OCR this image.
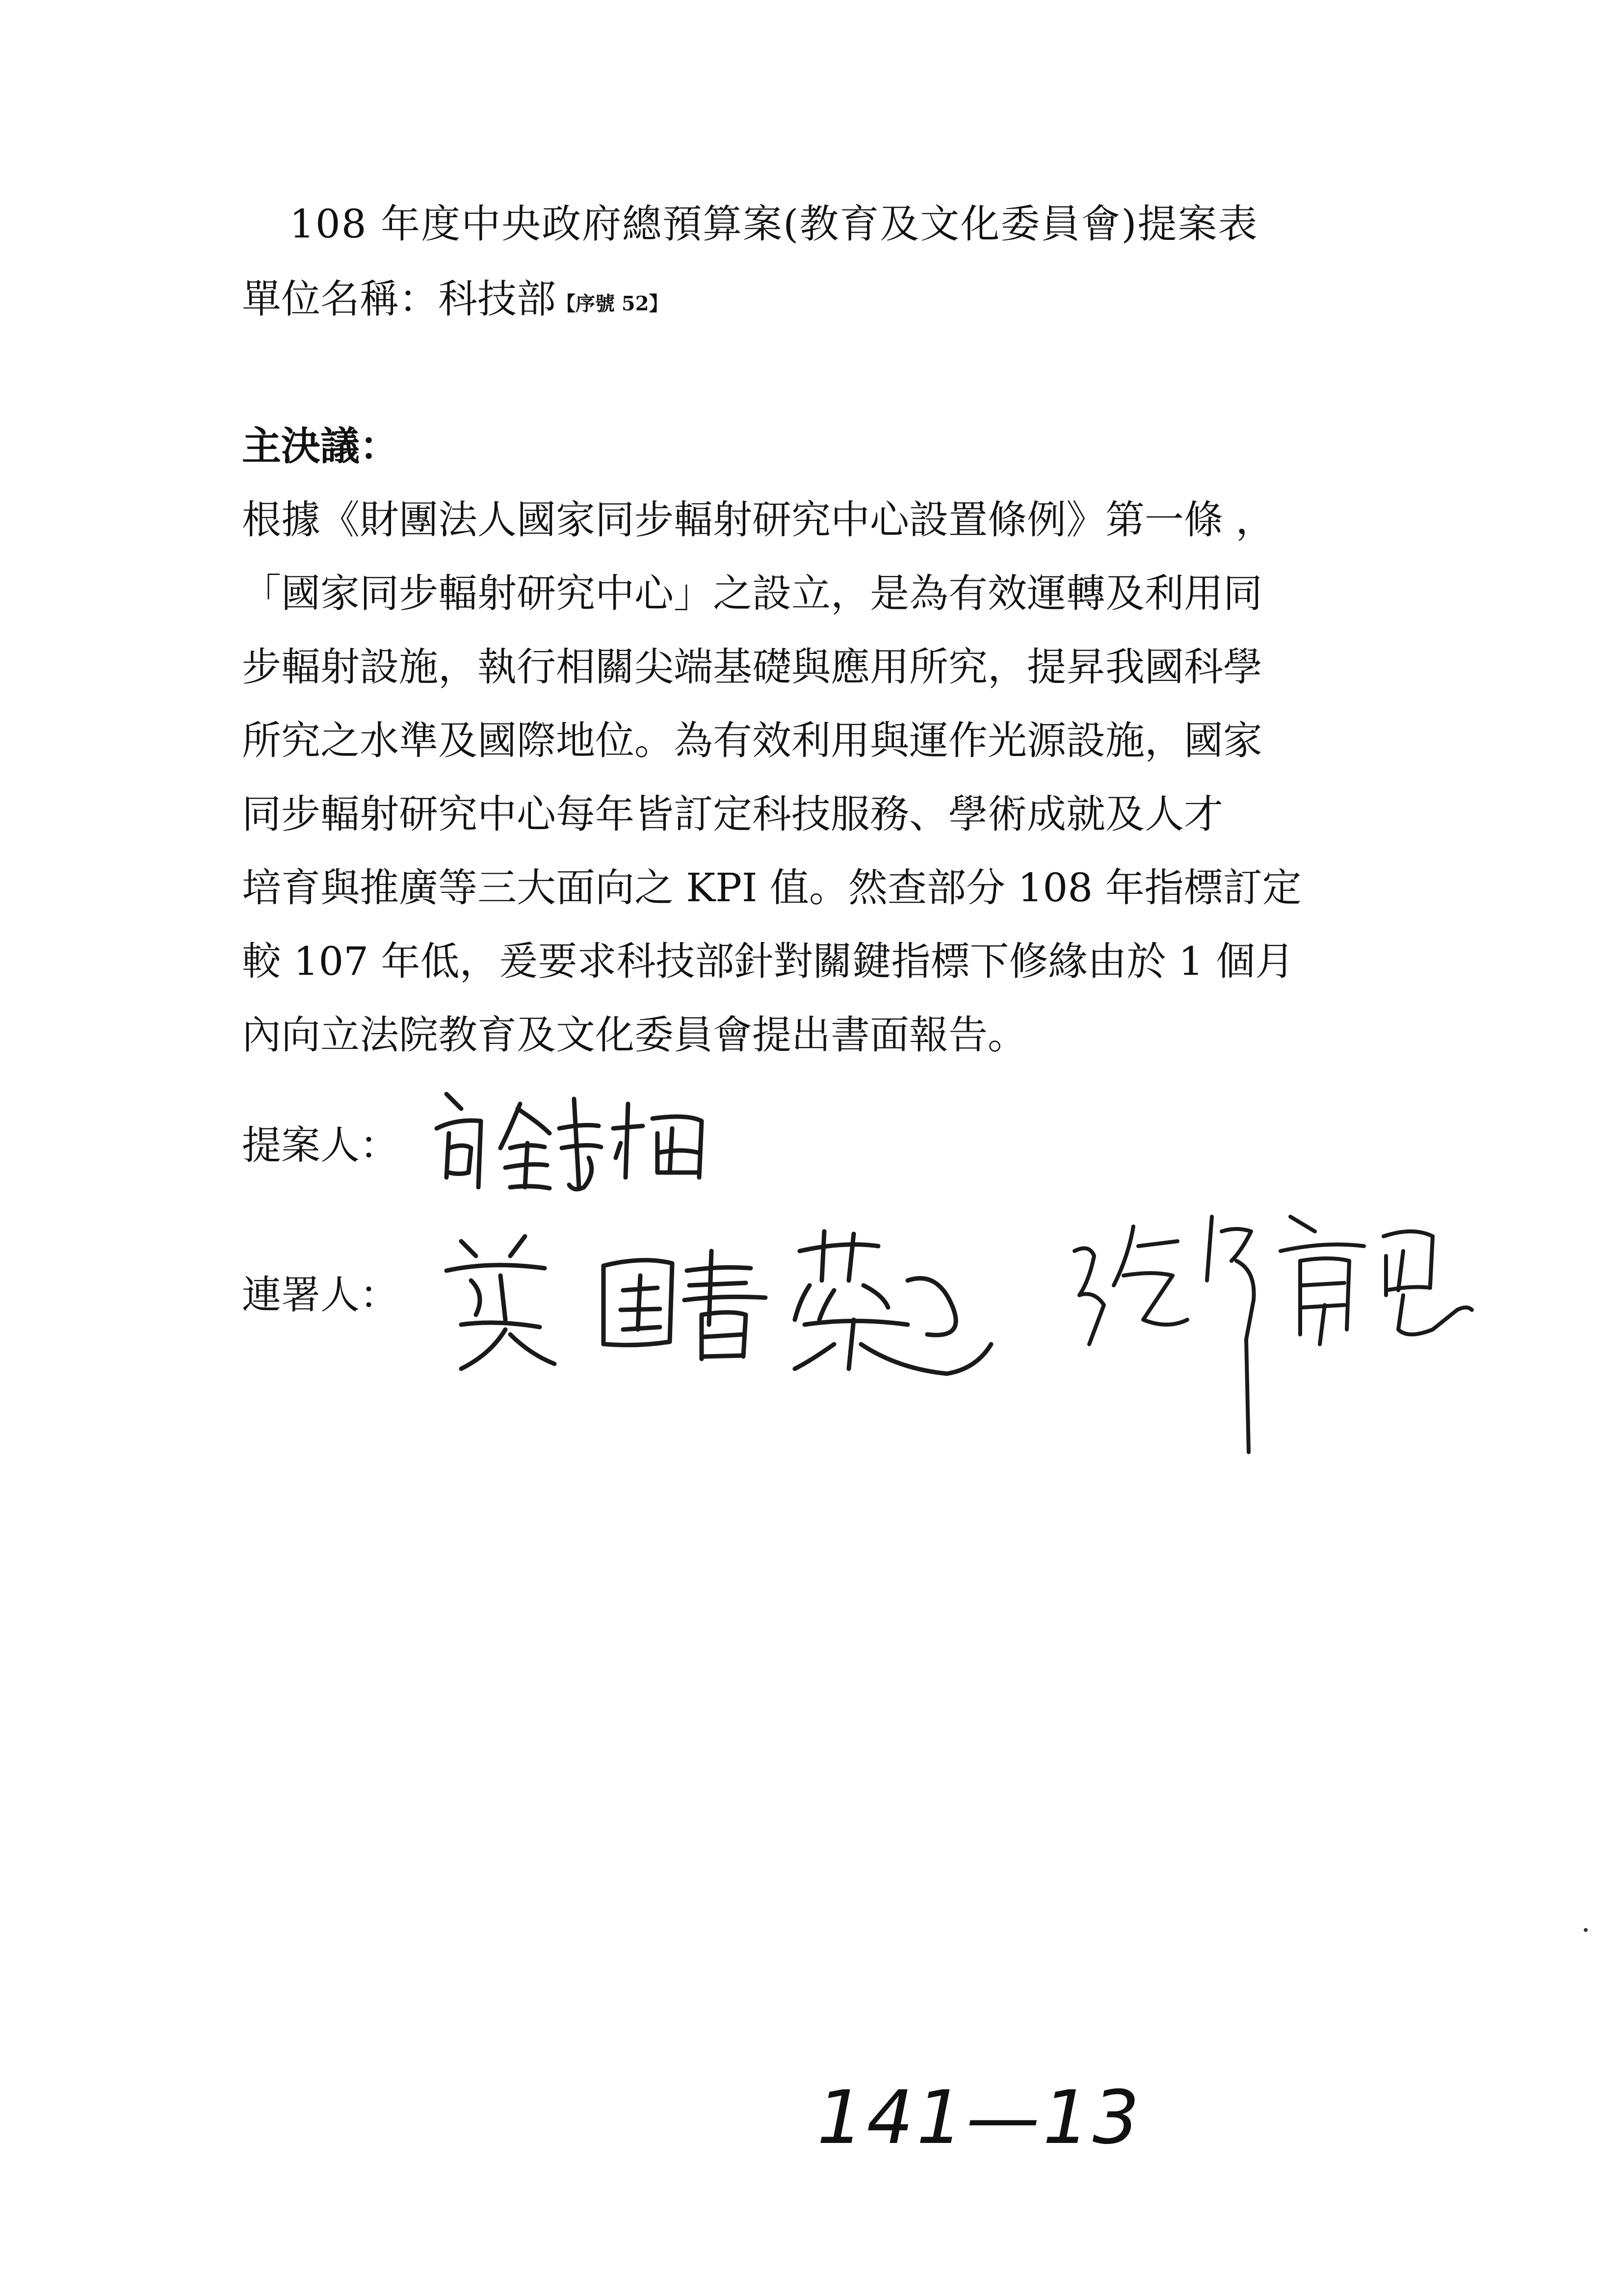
108 年度中央政府總預算案(教育及文化委員會)提案表
單位名稱：科技部【序號 52】
主決議：
根據《財團法人國家同步輻射研究中心設置條例》第一條 ，
「國家同步輻射研究中心」之設立，是為有效運轉及利用同
步輻射設施，執行相關尖端基礎與應用所究，提昇我國科學
所究之水準及國際地位。為有效利用與運作光源設施，國家
同步輻射研究中心每年皆訂定科技服務、學術成就及人才
培育與推廣等三大面向之 KPI 值。然查部分 108 年指標訂定
較 107 年低，爰要求科技部針對關鍵指標下修緣由於 1 個月
內向立法院教育及文化委員會提出書面報告。
提案人：
連署人：
141—13
